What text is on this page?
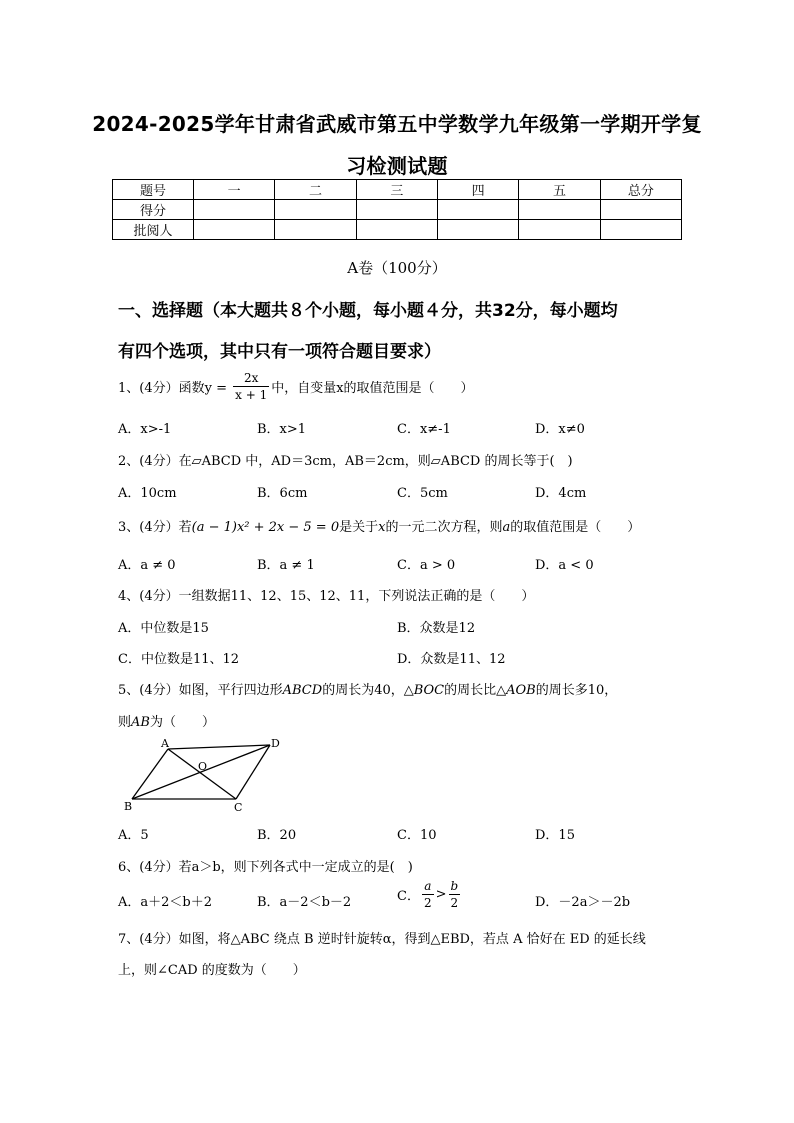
2024-2025学年甘肃省武威市第五中学数学九年级第一学期开学复
习检测试题
题号	一	二	三	四	五	总分
得分						
批阅人						
A卷（100分）
一、选择题（本大题共８个小题，每小题４分，共32分，每小题均
有四个选项，其中只有一项符合题目要求）
1、(4分）函数$y = \frac{2x}{x + 1}$ 中，自变量x的取值范围是（　　）
A．x>-1	B．x>1	C．x≠-1	D．x≠0
2、(4分）在▱ABCD 中，AD＝3cm，AB＝2cm，则▱ABCD 的周长等于(　)
A．10cm	B．6cm	C．5cm	D．4cm
3、(4分）若(a − 1)x² + 2x − 5 = 0是关于x的一元二次方程，则a的取值范围是（　　）
A．a ≠ 0	B．a ≠ 1	C．a > 0	D．a < 0
4、(4分）一组数据11、12、15、12、11，下列说法正确的是（　　）
A．中位数是15	B．众数是12
C．中位数是11、12	D．众数是11、12
5、(4分）如图，平行四边形ABCD的周长为40，△BOC的周长比△AOB的周长多10，
则AB为（　　）
A	D
O
B	C
A．5	B．20	C．10	D．15
6、(4分）若a＞b，则下列各式中一定成立的是(　)
A．a＋2＜b＋2	B．a－2＜b－2	C． $\frac{a}{2} > \frac{b}{2}$	D．－2a＞－2b
7、(4分）如图，将△ABC 绕点 B 逆时针旋转α，得到△EBD，若点 A 恰好在 ED 的延长线
上，则∠CAD 的度数为（　　）
